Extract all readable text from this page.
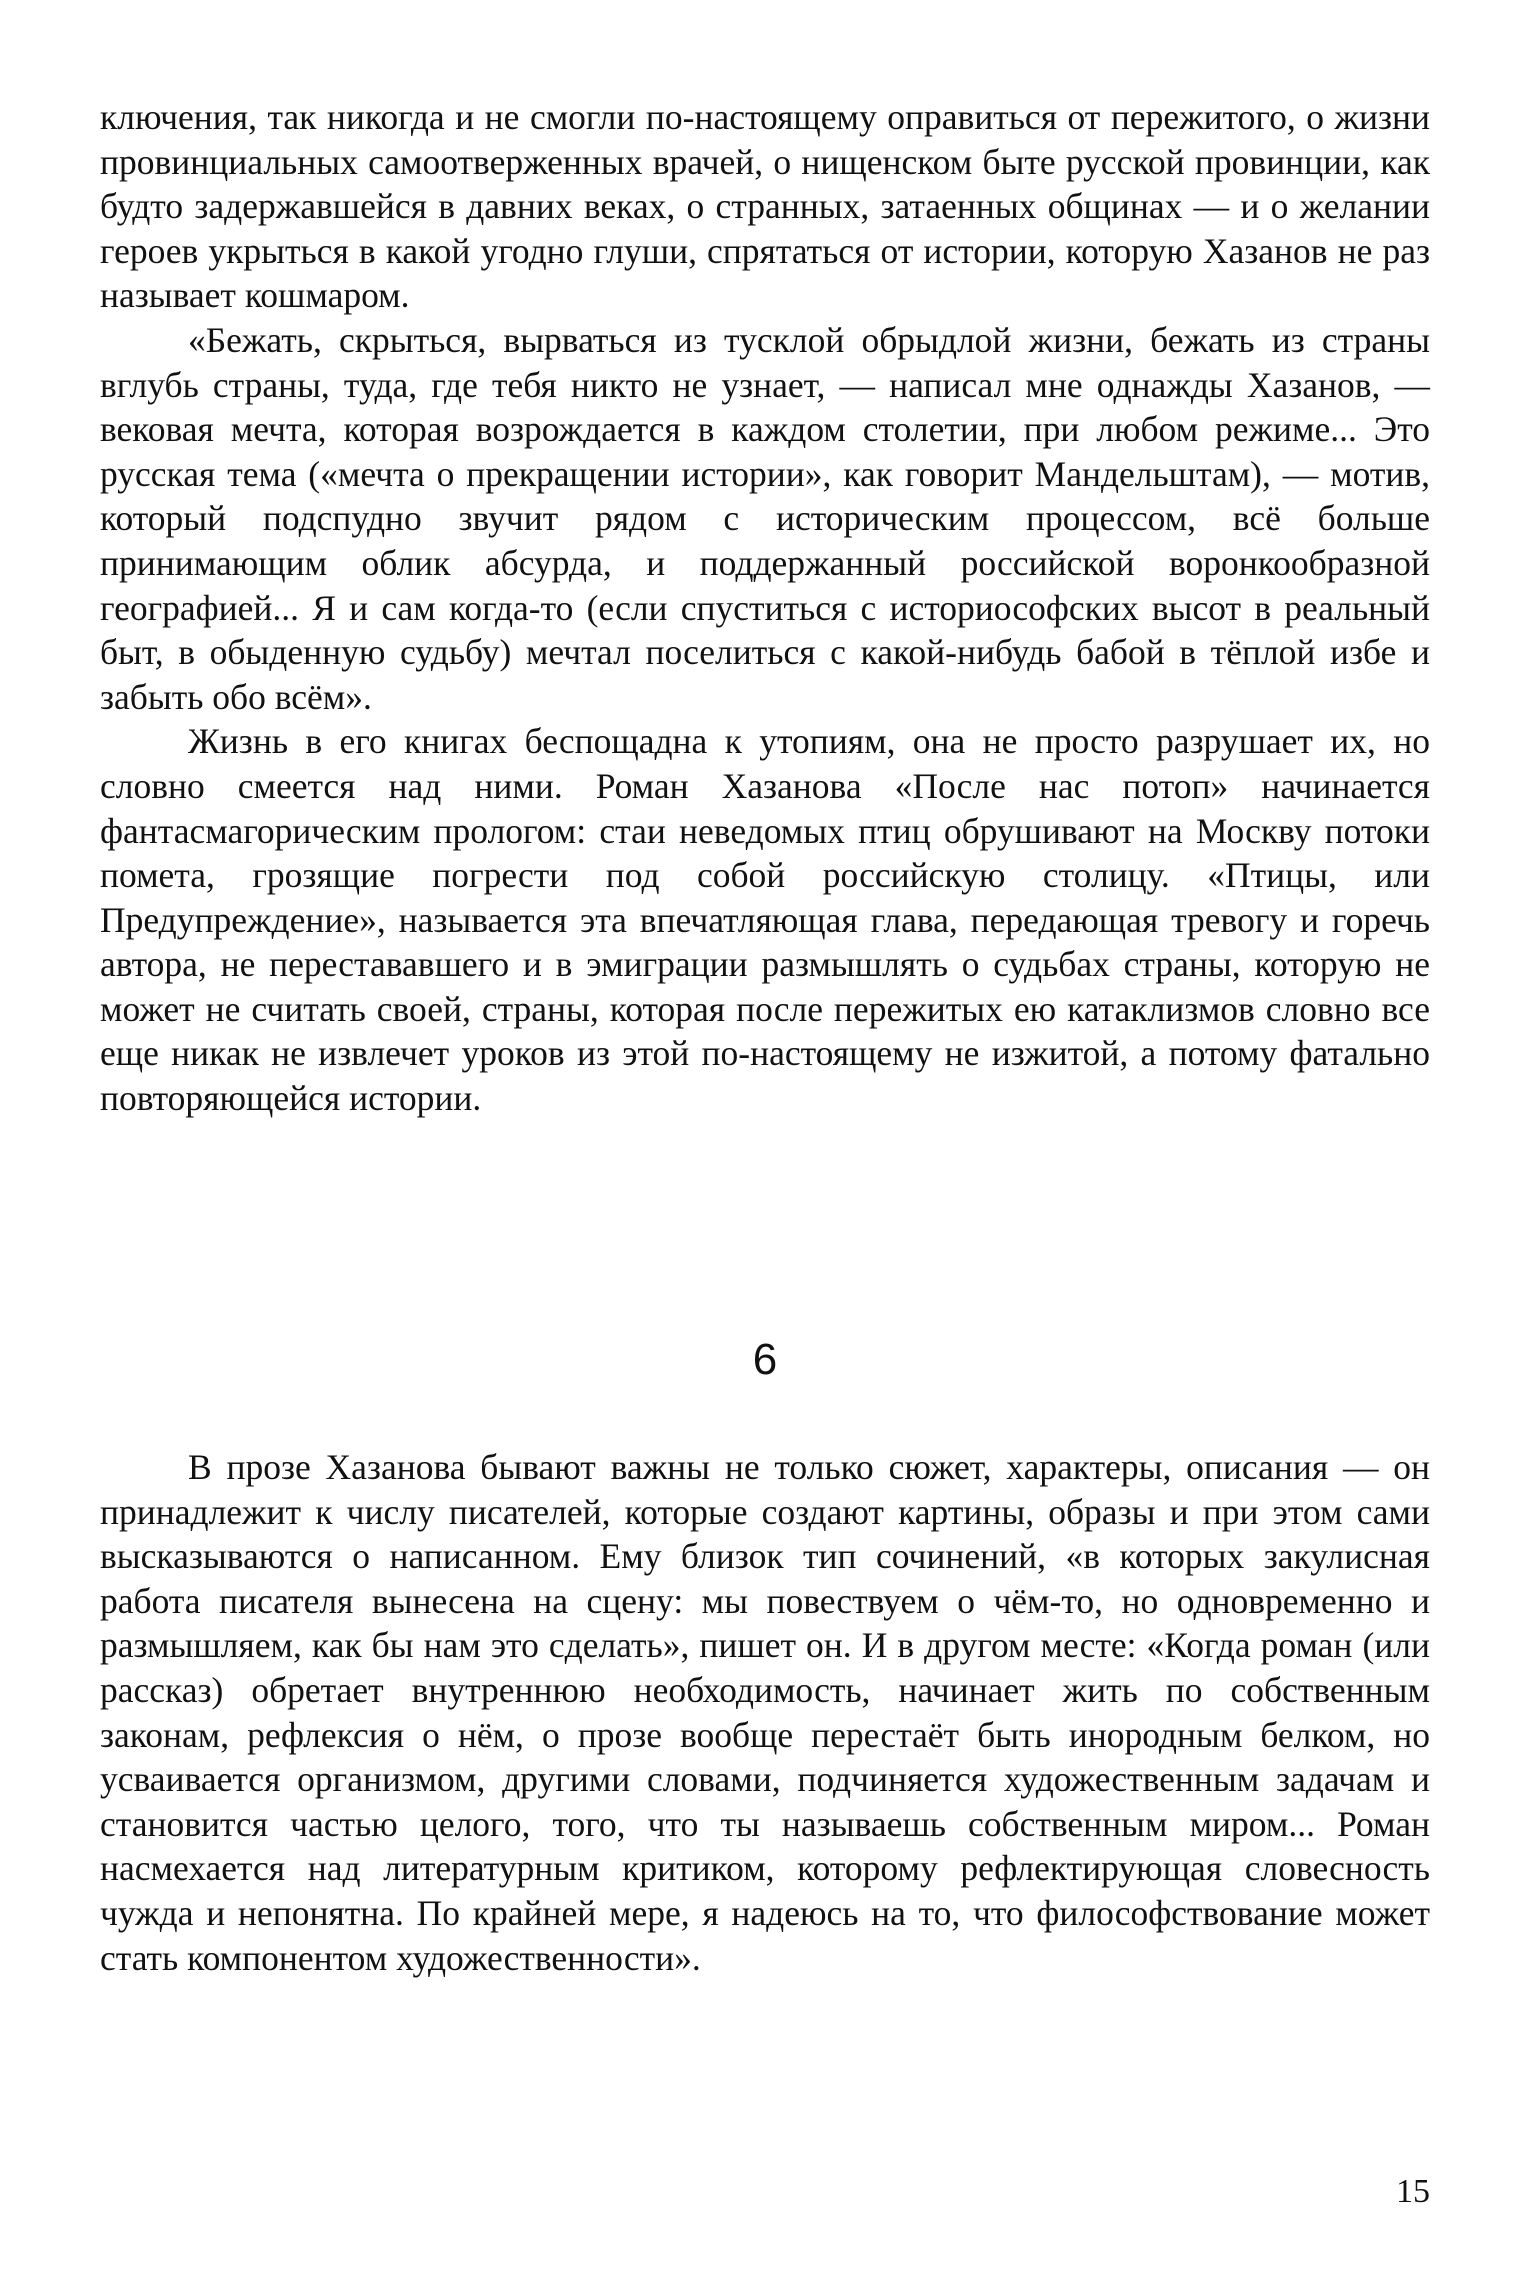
ключения, так никогда и не смогли по-настоящему оправиться от пережитого, о жизни провинциальных самоотверженных врачей, о нищенском быте русской провинции, как будто задержавшейся в давних веках, о странных, затаенных общинах — и о желании героев укрыться в какой угодно глуши, спрятаться от истории, которую Хазанов не раз называет кошмаром.

«Бежать, скрыться, вырваться из тусклой обрыдлой жизни, бежать из страны вглубь страны, туда, где тебя никто не узнает, — написал мне однажды Хазанов, — вековая мечта, которая возрождается в каждом столетии, при любом режиме... Это русская тема («мечта о прекращении истории», как говорит Мандельштам), — мотив, который подспудно звучит рядом с историческим процессом, всё больше принимающим облик абсурда, и поддержанный российской воронкообразной географией... Я и сам когда-то (если спуститься с историософских высот в реальный быт, в обыденную судьбу) мечтал поселиться с какой-нибудь бабой в тёплой избе и забыть обо всём».

Жизнь в его книгах беспощадна к утопиям, она не просто разрушает их, но словно смеется над ними. Роман Хазанова «После нас потоп» начинается фантасмагорическим прологом: стаи неведомых птиц обрушивают на Москву потоки помета, грозящие погрести под собой российскую столицу. «Птицы, или Предупреждение», называется эта впечатляющая глава, передающая тревогу и горечь автора, не перестававшего и в эмиграции размышлять о судьбах страны, которую не может не считать своей, страны, которая после пережитых ею катаклизмов словно все еще никак не извлечет уроков из этой по-настоящему не изжитой, а потому фатально повторяющейся истории.

6

В прозе Хазанова бывают важны не только сюжет, характеры, описания — он принадлежит к числу писателей, которые создают картины, образы и при этом сами высказываются о написанном. Ему близок тип сочинений, «в которых закулисная работа писателя вынесена на сцену: мы повествуем о чём-то, но одновременно и размышляем, как бы нам это сделать», пишет он. И в другом месте: «Когда роман (или рассказ) обретает внутреннюю необходимость, начинает жить по собственным законам, рефлексия о нём, о прозе вообще перестаёт быть инородным белком, но усваивается организмом, другими словами, подчиняется художественным задачам и становится частью целого, того, что ты называешь собственным миром... Роман насмехается над литературным критиком, которому рефлектирующая словесность чужда и непонятна. По крайней мере, я надеюсь на то, что философствование может стать компонентом художественности».

15
